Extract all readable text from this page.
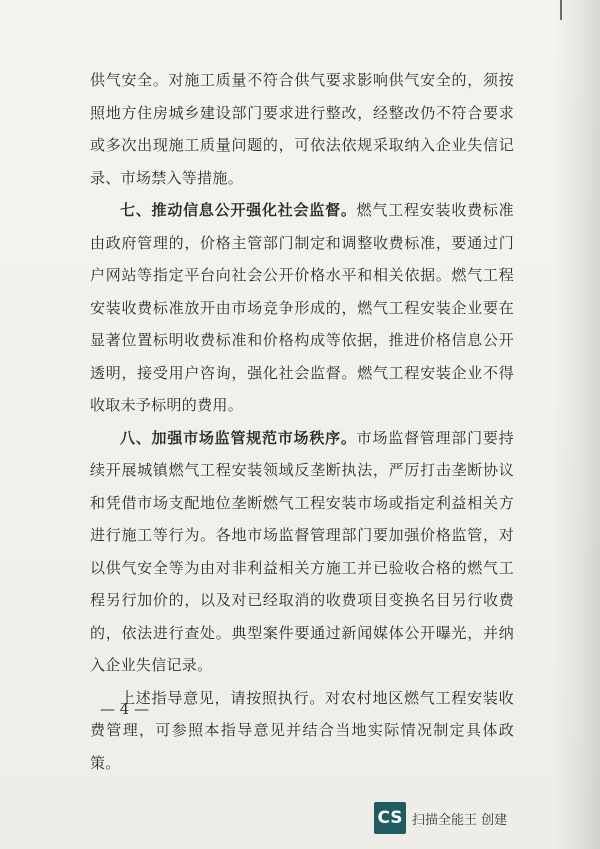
供气安全。对施工质量不符合供气要求影响供气安全的，须按照地方住房城乡建设部门要求进行整改，经整改仍不符合要求或多次出现施工质量问题的，可依法依规采取纳入企业失信记录、市场禁入等措施。

七、推动信息公开强化社会监督。燃气工程安装收费标准由政府管理的，价格主管部门制定和调整收费标准，要通过门户网站等指定平台向社会公开价格水平和相关依据。燃气工程安装收费标准放开由市场竞争形成的，燃气工程安装企业要在显著位置标明收费标准和价格构成等依据，推进价格信息公开透明，接受用户咨询，强化社会监督。燃气工程安装企业不得收取未予标明的费用。

八、加强市场监管规范市场秩序。市场监督管理部门要持续开展城镇燃气工程安装领域反垄断执法，严厉打击垄断协议和凭借市场支配地位垄断燃气工程安装市场或指定利益相关方进行施工等行为。各地市场监督管理部门要加强价格监管，对以供气安全等为由对非利益相关方施工并已验收合格的燃气工程另行加价的，以及对已经取消的收费项目变换名目另行收费的，依法进行查处。典型案件要通过新闻媒体公开曝光，并纳入企业失信记录。

上述指导意见，请按照执行。对农村地区燃气工程安装收费管理，可参照本指导意见并结合当地实际情况制定具体政策。

— 4 —
CS 扫描全能王 创建
